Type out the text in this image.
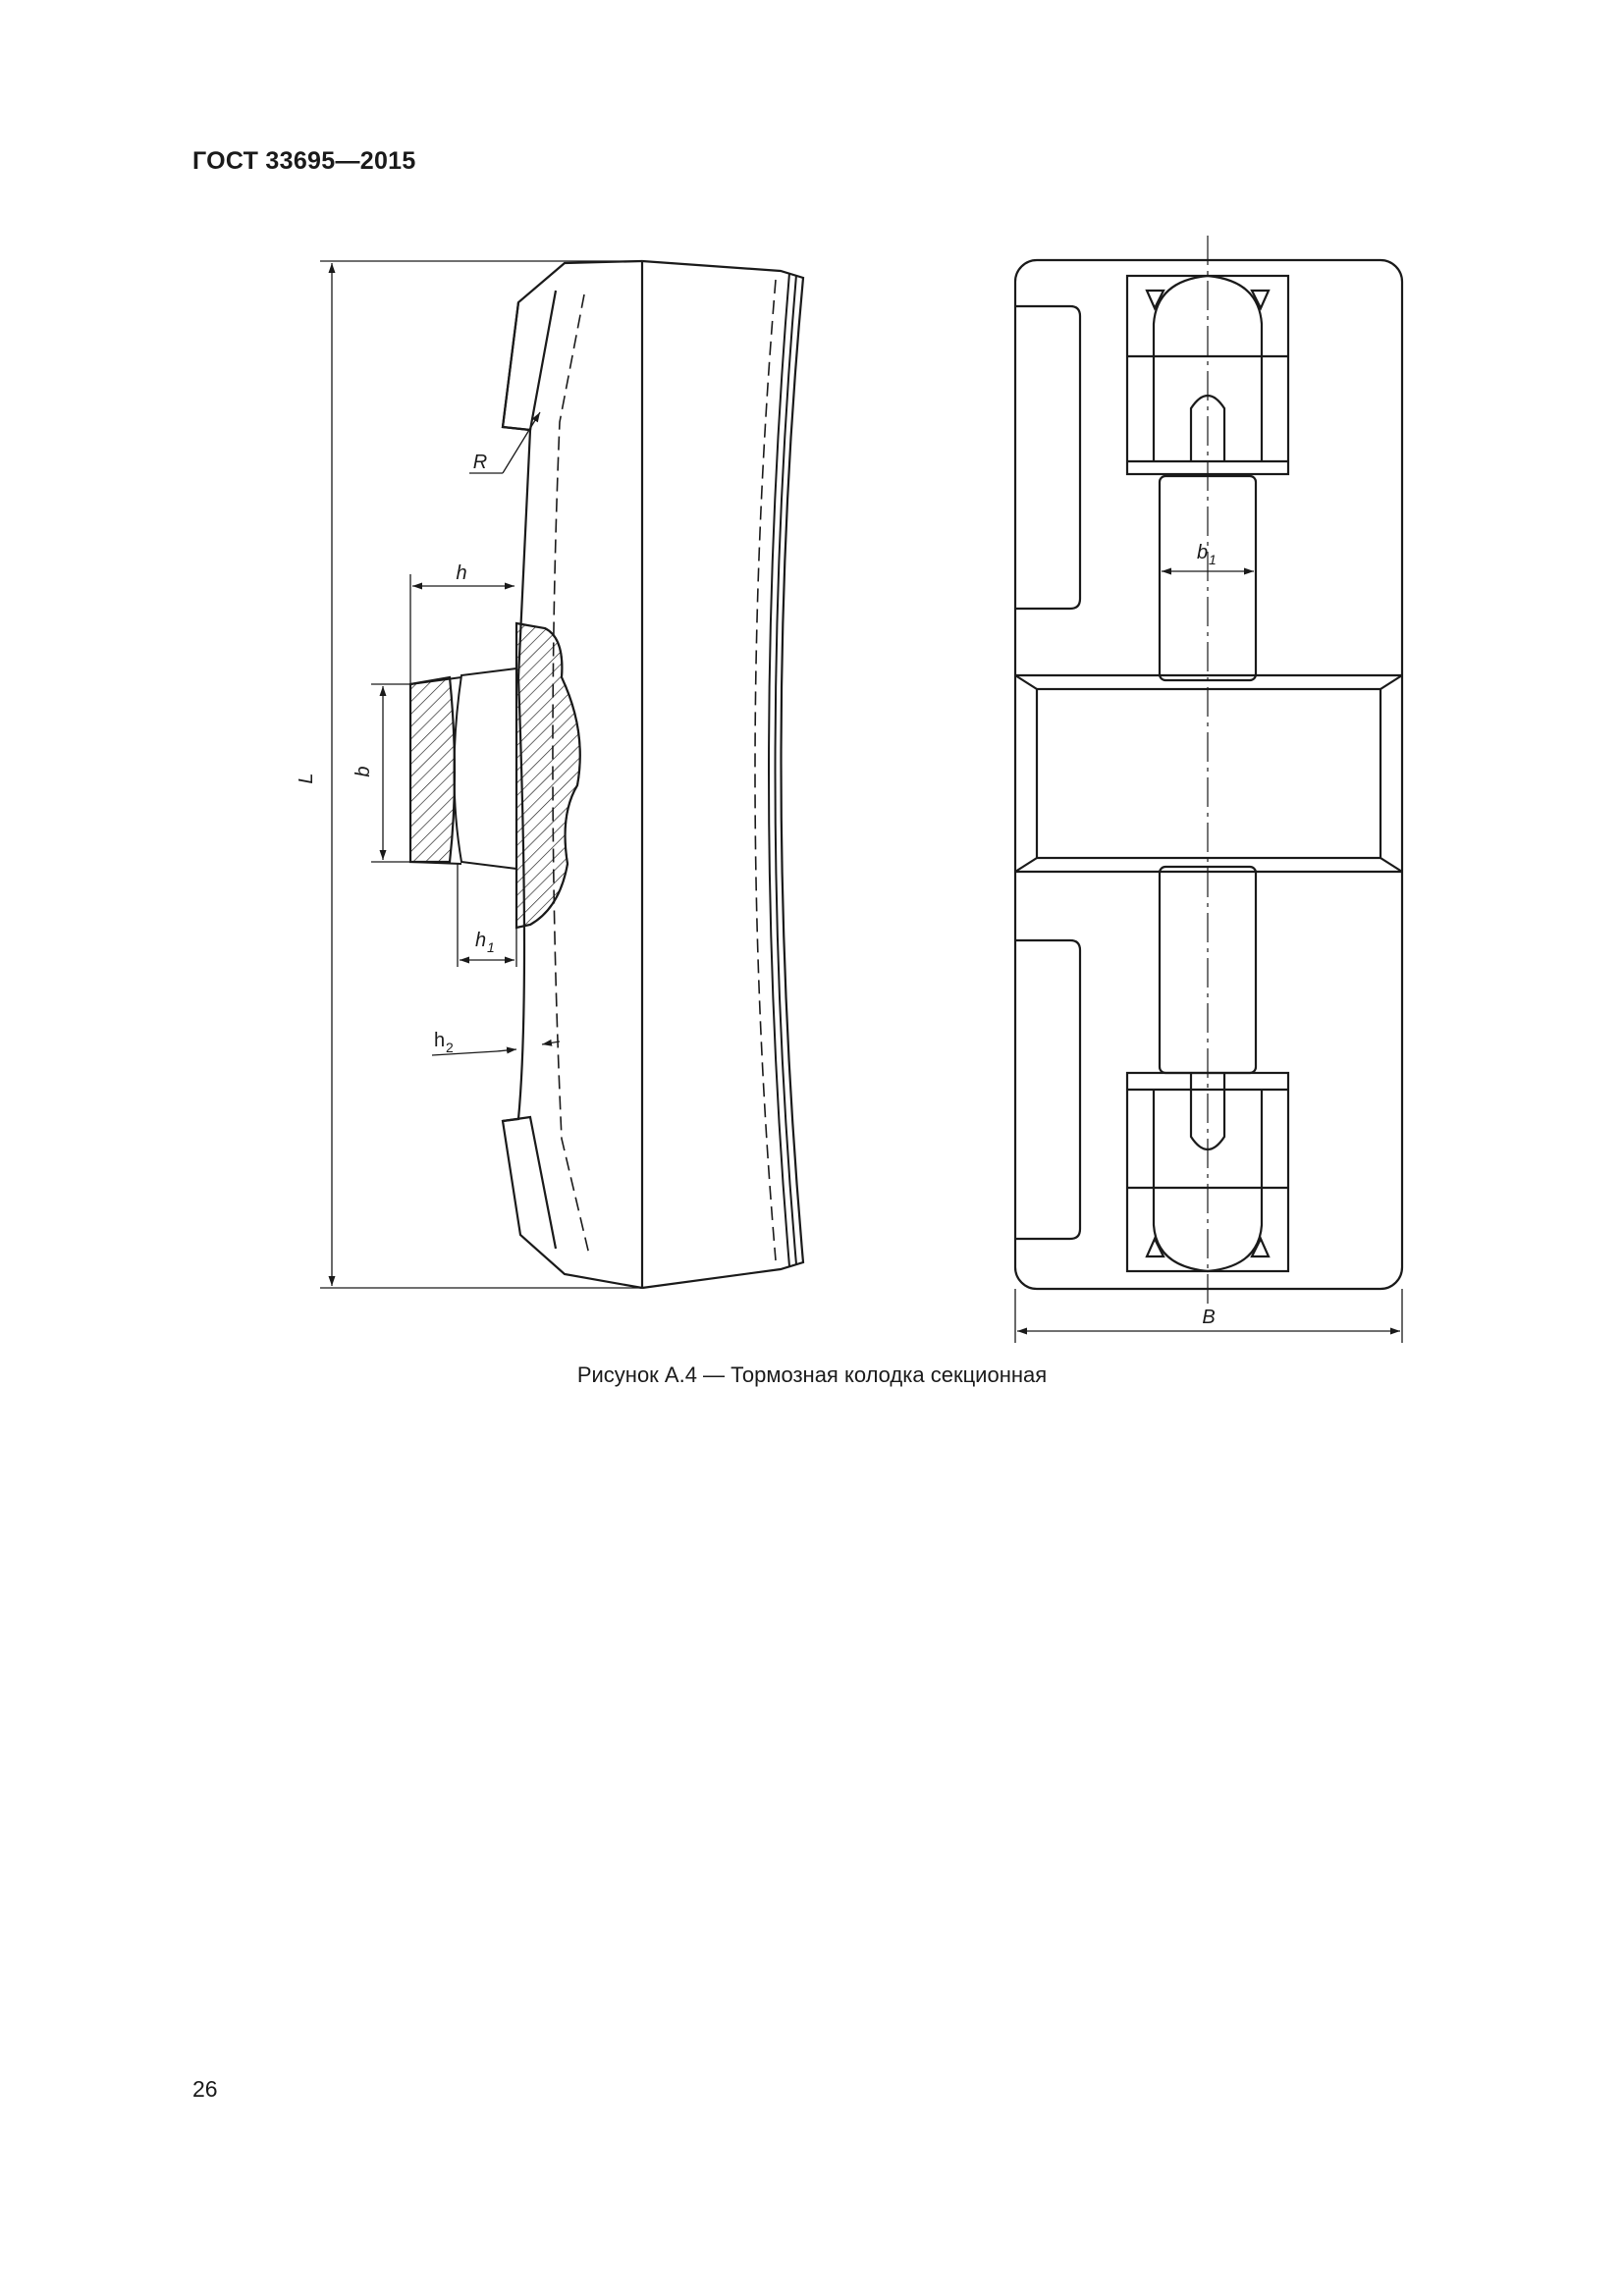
ГОСТ 33695—2015
L
b
h
R
h 1
h 2
b 1
B
Рисунок А.4 — Тормозная колодка секционная
26
